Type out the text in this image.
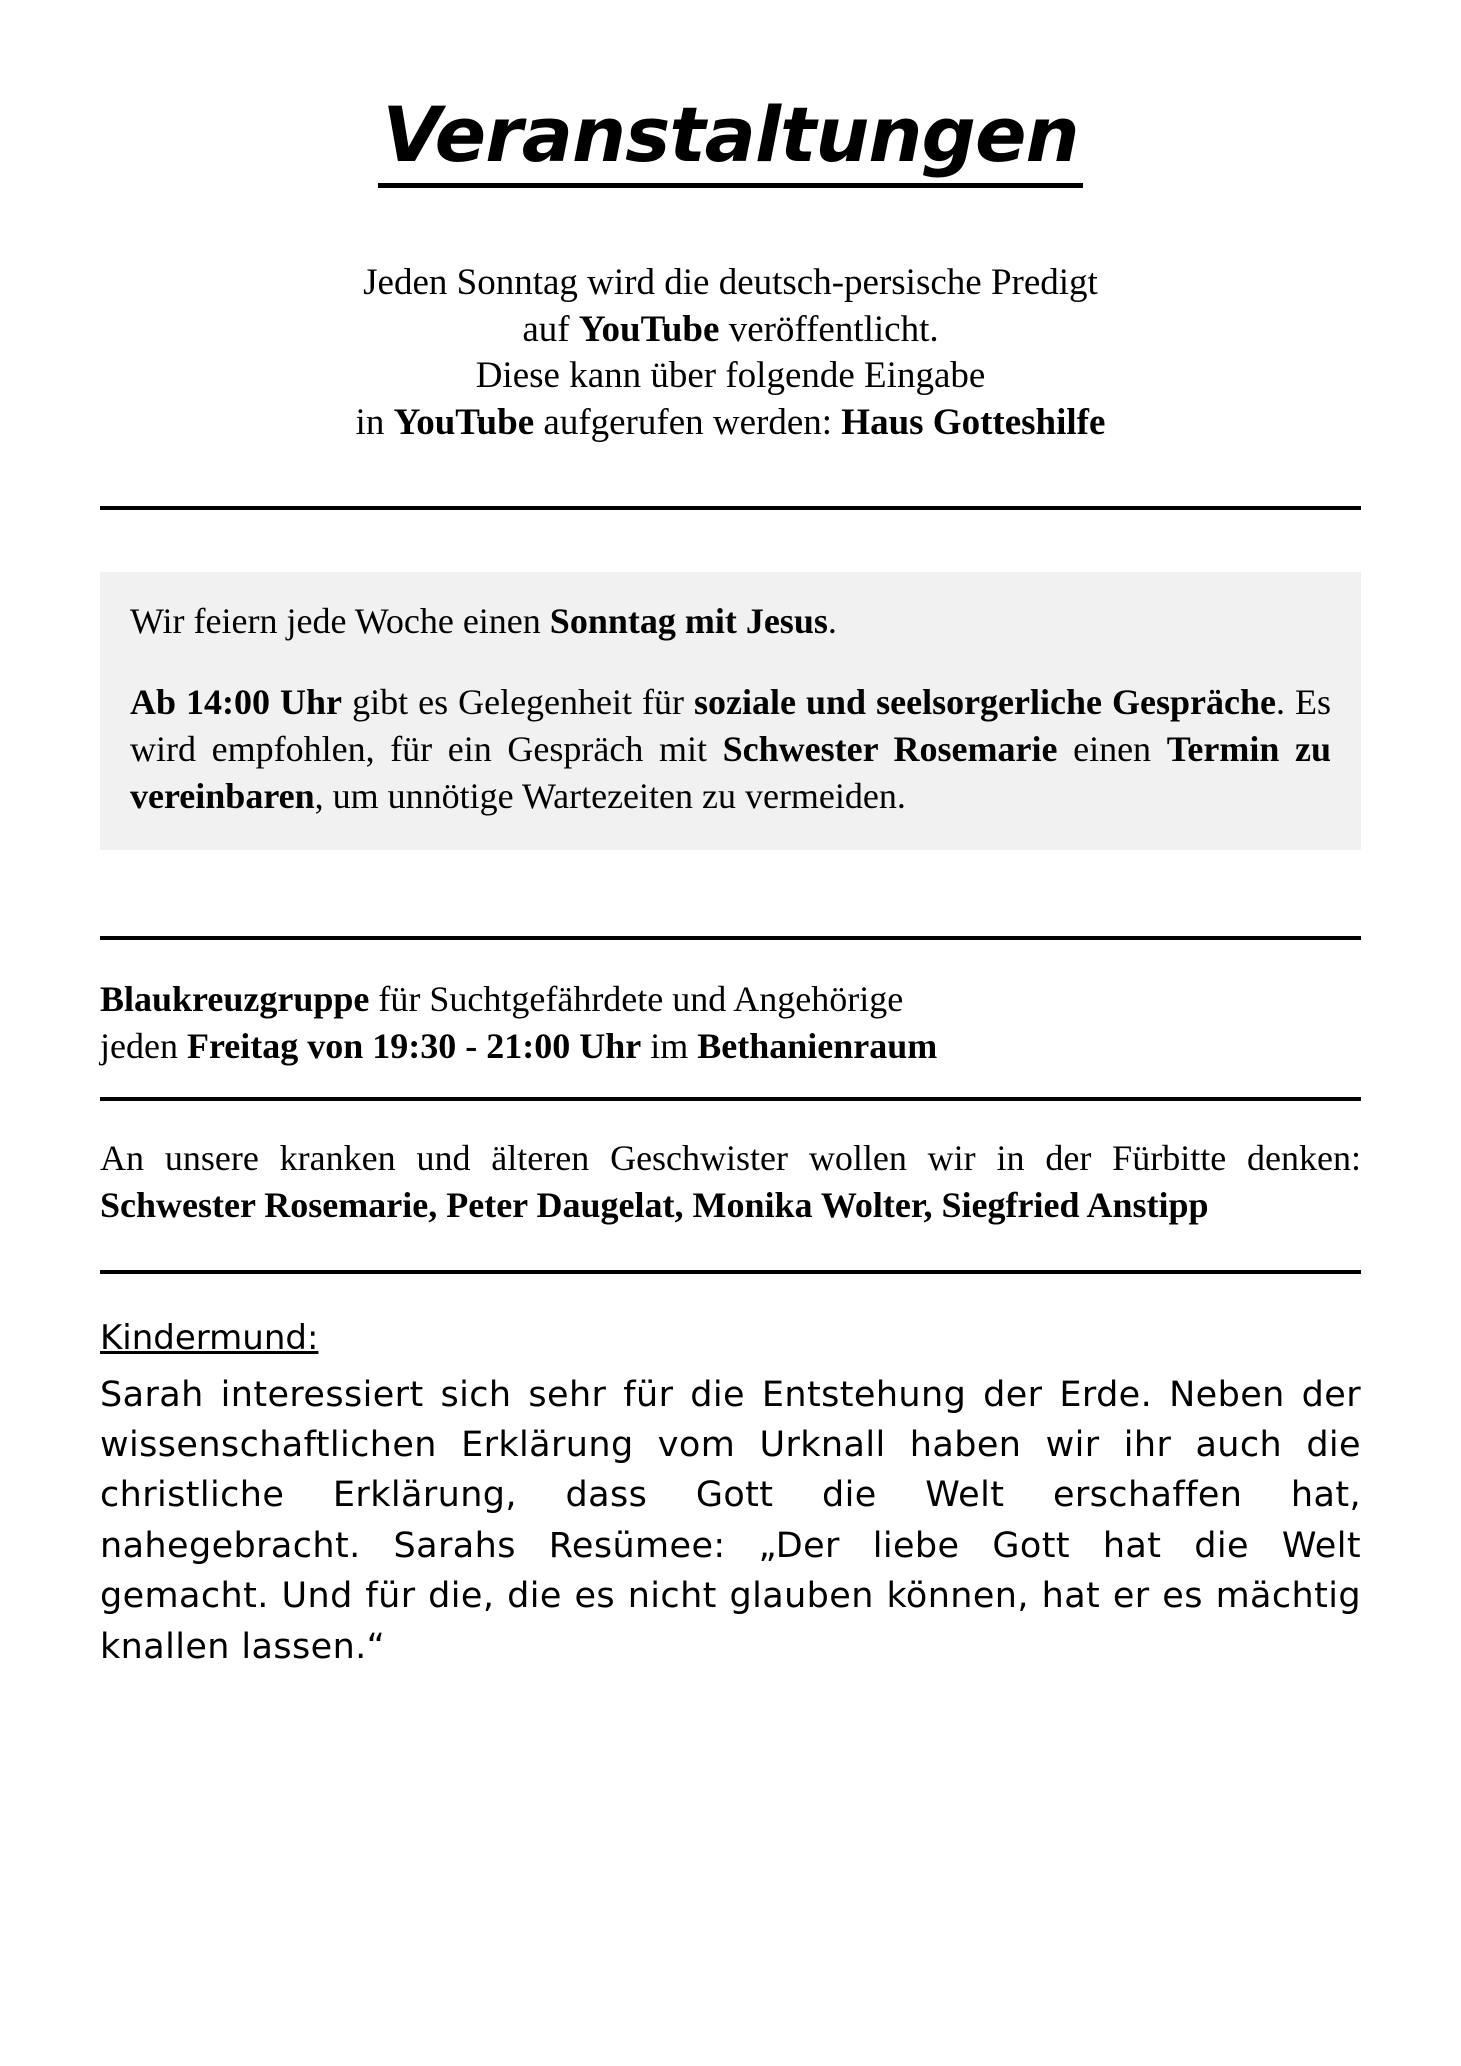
Veranstaltungen
Jeden Sonntag wird die deutsch-persische Predigt
auf YouTube veröffentlicht.
Diese kann über folgende Eingabe
in YouTube aufgerufen werden: Haus Gotteshilfe

Wir feiern jede Woche einen Sonntag mit Jesus.

Ab 14:00 Uhr gibt es Gelegenheit für soziale und seelsorgerliche Gespräche. Es wird empfohlen, für ein Gespräch mit Schwester Rosemarie einen Termin zu vereinbaren, um unnötige Wartezeiten zu vermeiden.

Blaukreuzgruppe für Suchtgefährdete und Angehörige

jeden Freitag von 19:30 - 21:00 Uhr im Bethanienraum

An unsere kranken und älteren Geschwister wollen wir in der Fürbitte denken: Schwester Rosemarie, Peter Daugelat, Monika Wolter, Siegfried Anstipp

Kindermund:

Sarah interessiert sich sehr für die Entstehung der Erde. Neben der wissenschaftlichen Erklärung vom Urknall haben wir ihr auch die christliche Erklärung, dass Gott die Welt erschaffen hat, nahegebracht. Sarahs Resümee: „Der liebe Gott hat die Welt gemacht. Und für die, die es nicht glauben können, hat er es mächtig knallen lassen.“
